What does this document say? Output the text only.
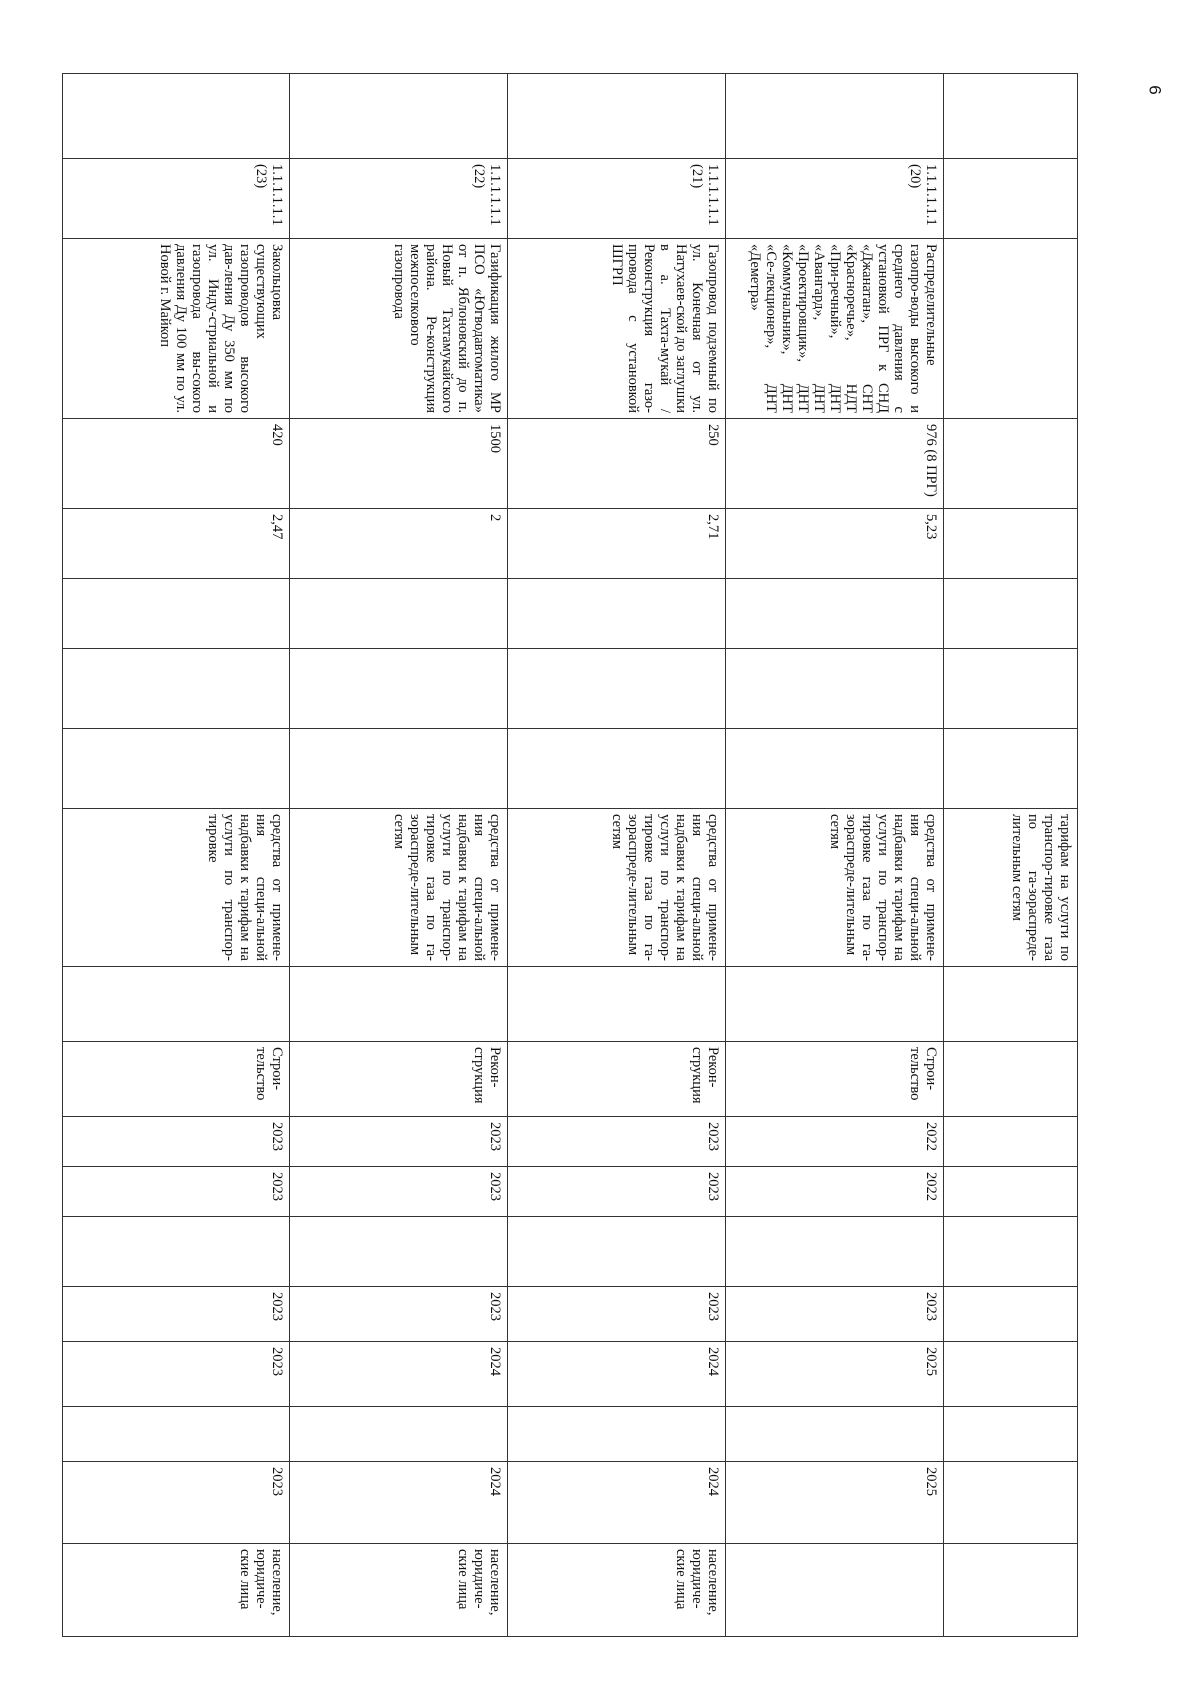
6
								тарифам на услуги по транспор-тировке газа по га-зораспреде-лительным сетям										
	1.1.1.1.1.1 (20)	Распределительные газопро-воды высокого и среднего давления с установкой ПРГ к СНД «Джанатан», СНТ «Красноречье», НДТ «При-речный», ДНТ «Авангард», ДНТ «Проектировщик», ДНТ «Коммунальник», ДНТ «Се-лекционер», ДНТ «Деметра»	976 (8 ПРГ)	5,23				средства от примене-ния специ-альной надбавки к тарифам на услуги по транспор-тировке газа по га-зораспреде-лительным сетям		Строи-тельство	2022	2022		2023	2025		2025	
	1.1.1.1.1.1 (21)	Газопровод подземный по ул. Конечная от ул. Натухаев-ской до заглушки в а. Тахта-мукай /Реконструкция газо-провода с установкой ШГРП	250	2,71				средства от примене-ния специ-альной надбавки к тарифам на услуги по транспор-тировке газа по га-зораспреде-лительным сетям		Рекон-струкция	2023	2023		2023	2024		2024	население, юридиче-ские лица
	1.1.1.1.1.1 (22)	Газификация жилого МР ПСО «Югводавтоматика» от п. Яблоновский до п. Новый Тахтамукайского района. Ре-конструкция межпоселкового газопровода	1500	2				средства от примене-ния специ-альной надбавки к тарифам на услуги по транспор-тировке газа по га-зораспреде-лительным сетям		Рекон-струкция	2023	2023		2023	2024		2024	население, юридиче-ские лица
	1.1.1.1.1.1 (23)	Закольцовка существующих газопроводов высокого дав-ления Ду 350 мм по ул. Инду-стриальной и газопровода вы-сокого давления Ду 100 мм по ул. Новой г. Майкоп	420	2,47				средства от примене-ния специ-альной надбавки к тарифам на услуги по транспор-тировке		Строи-тельство	2023	2023		2023	2023		2023	население, юридиче-ские лица
